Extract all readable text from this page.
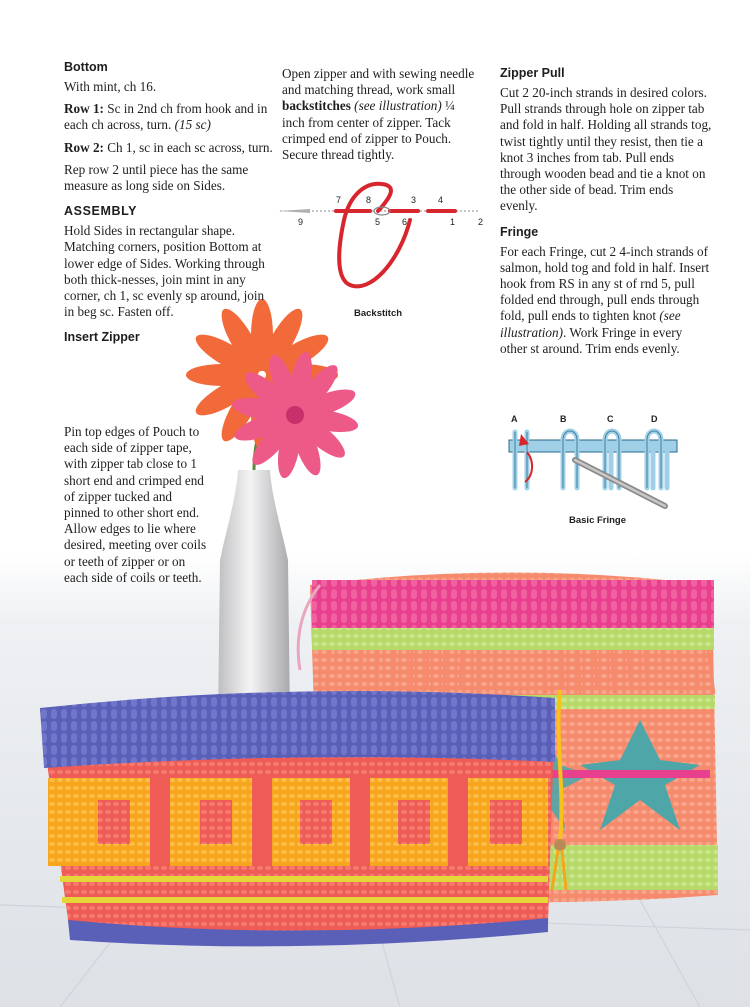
Bottom

With mint, ch 16.

Row 1: Sc in 2nd ch from hook and in each ch across, turn. (15 sc)

Row 2: Ch 1, sc in each sc across, turn.

Rep row 2 until piece has the same measure as long side on Sides.

ASSEMBLY

Hold Sides in rectangular shape. Matching corners, position Bottom at lower edge of Sides. Working through both thick-nesses, join mint in any corner, ch 1, sc evenly sp around, join in beg sc. Fasten off.

Insert Zipper

Pin top edges of Pouch to each side of zipper tape, with zipper tab close to 1 short end and crimped end of zipper tucked and pinned to other short end. Allow edges to lie where desired, meeting over coils or teeth of zipper or on each side of coils or teeth.

Open zipper and with sewing needle and matching thread, work small backstitches (see illustration) ¼ inch from center of zipper. Tack crimped end of zipper to Pouch. Secure thread tightly.

7	8	3 4
9	5 6	1	2
Backstitch
Zipper Pull

Cut 2 20-inch strands in desired colors. Pull strands through hole on zipper tab and fold in half. Holding all strands tog, twist tightly until they resist, then tie a knot 3 inches from tab. Pull ends through wooden bead and tie a knot on the other side of bead. Trim ends evenly.

Fringe

For each Fringe, cut 2 4-inch strands of salmon, hold tog and fold in half. Insert hook from RS in any st of rnd 5, pull folded end through, pull ends through fold, pull ends to tighten knot (see illustration). Work Fringe in every other st around. Trim ends evenly.

A	B	C	D
Basic Fringe
